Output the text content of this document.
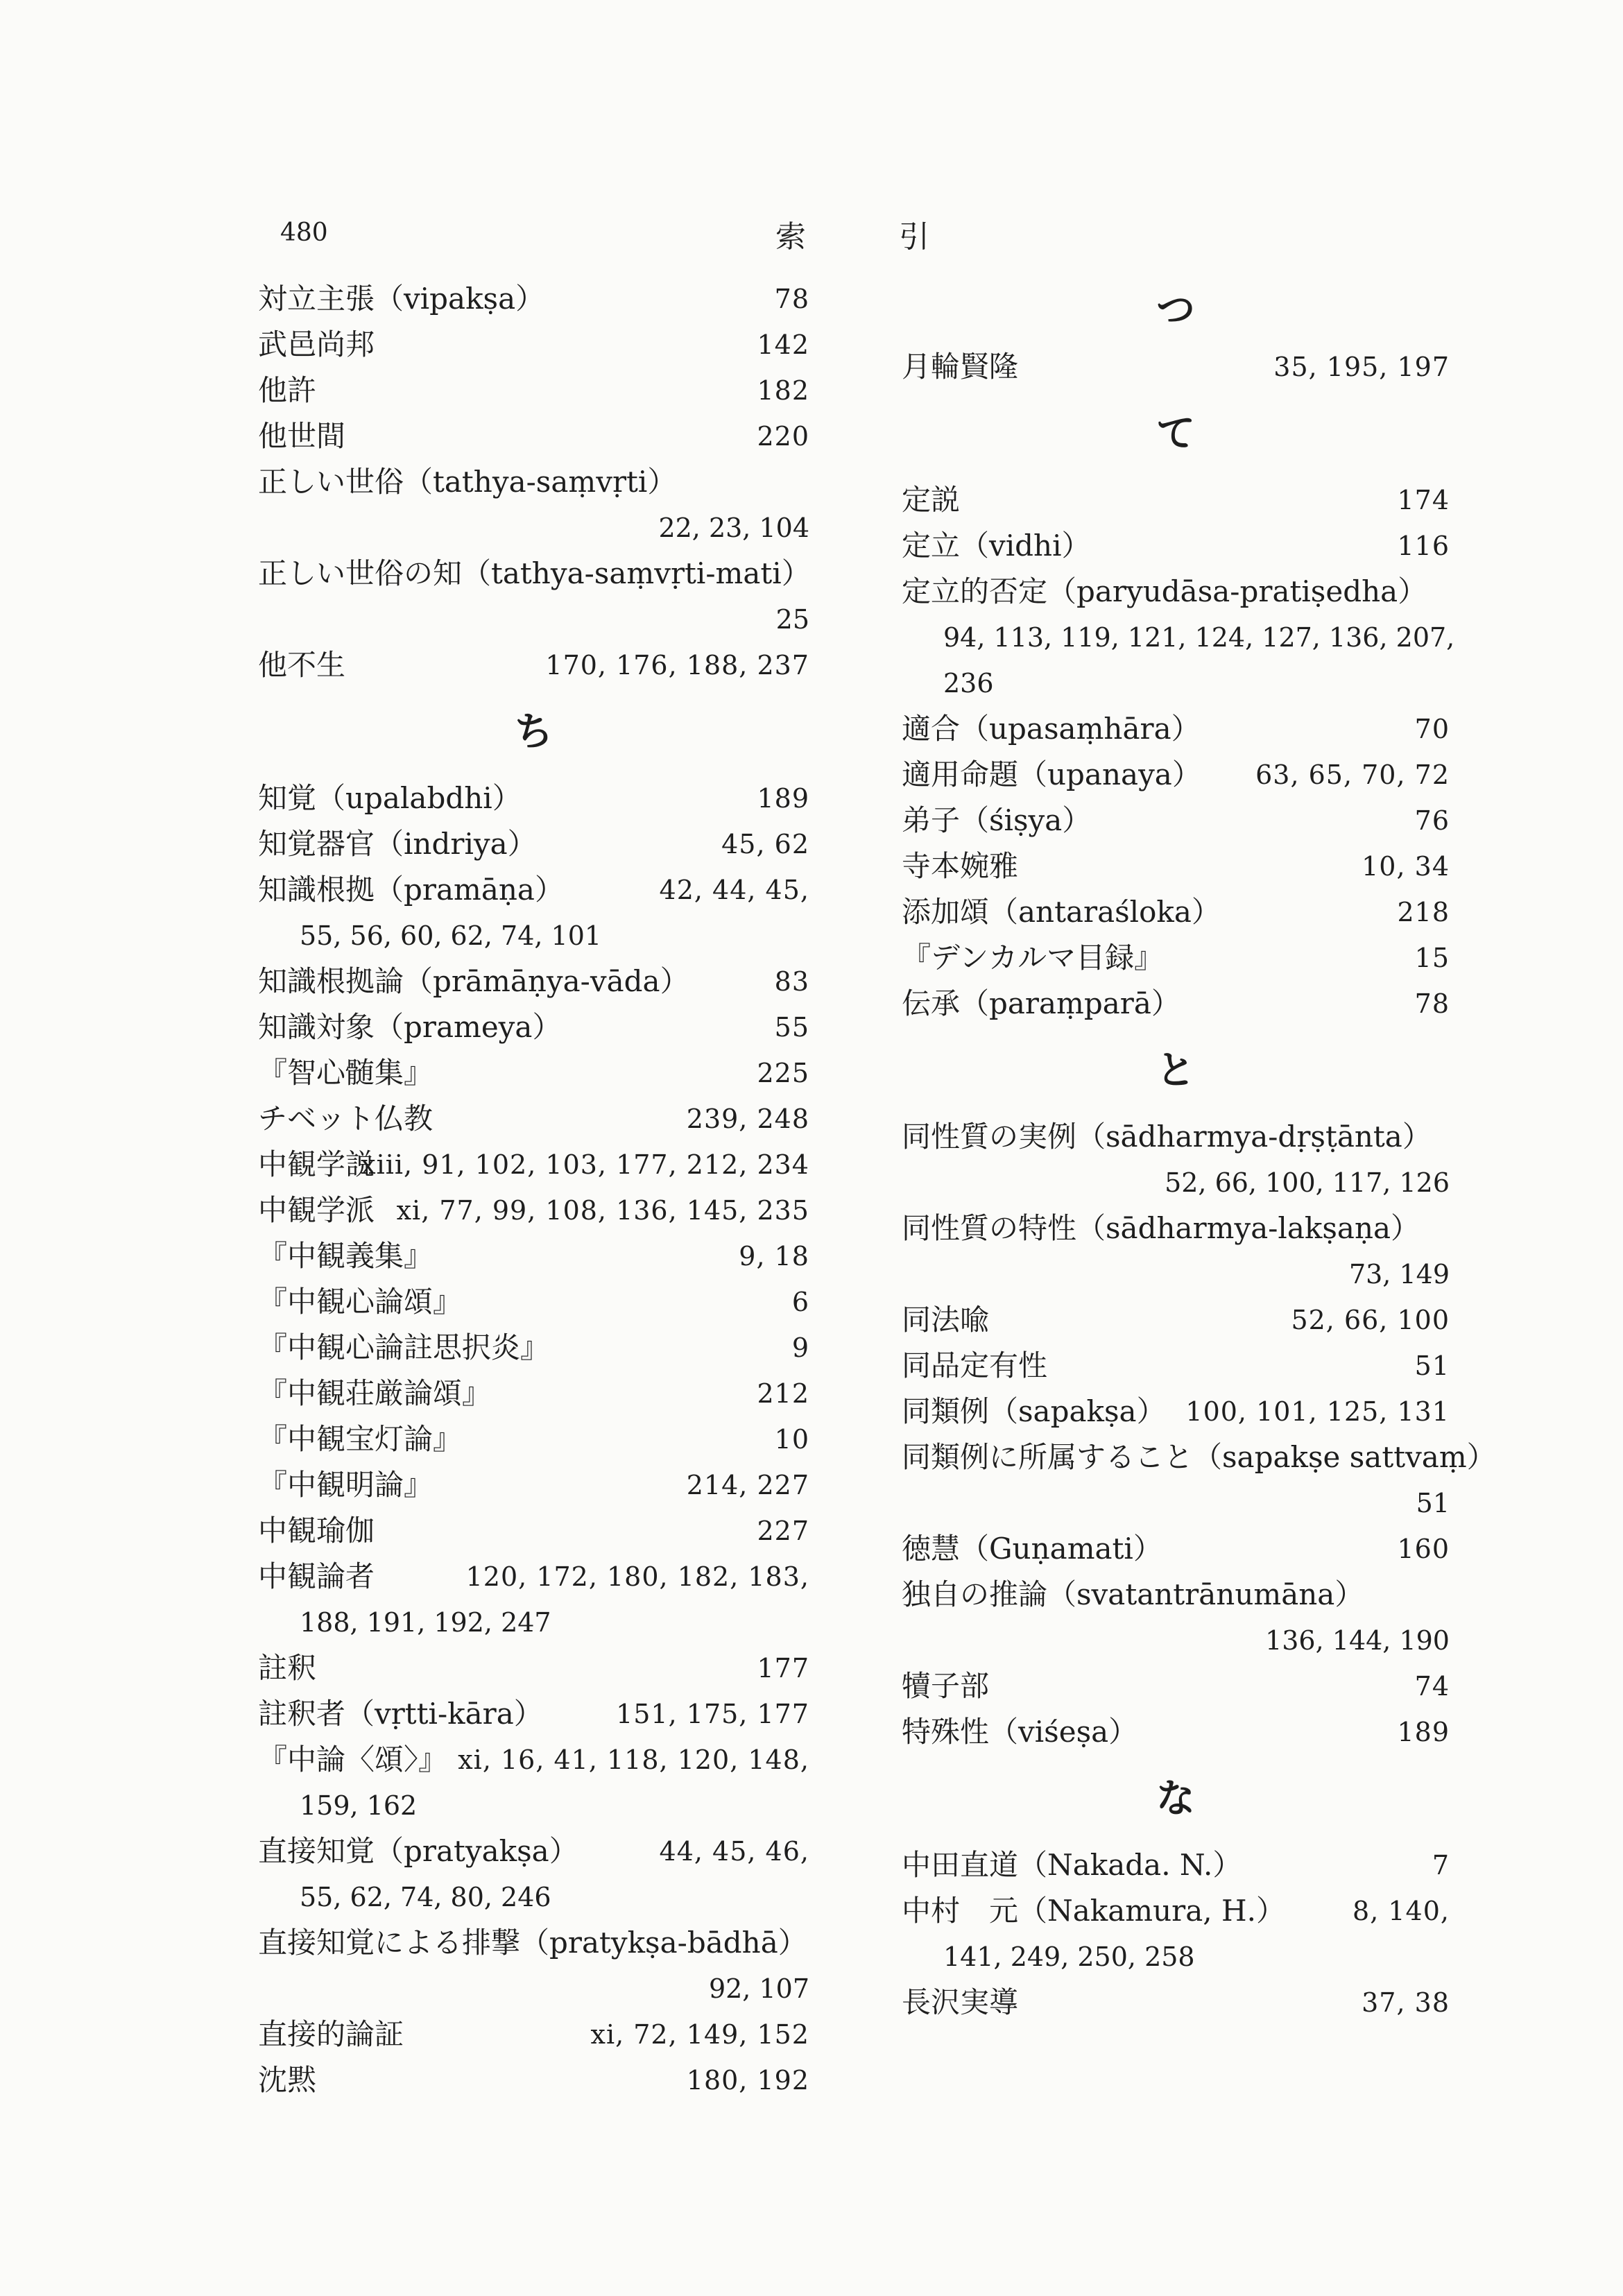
480	索 引
対立主張（vipakṣa）	78
武邑尚邦	142
他許	182
他世間	220
正しい世俗（tathya-saṃvṛti）
22, 23, 104
正しい世俗の知（tathya-saṃvṛti-mati）
25
他不生	170, 176, 188, 237
ち
知覚（upalabdhi）	189
知覚器官（indriya）	45, 62
知識根拠（pramāṇa）	42, 44, 45,
55, 56, 60, 62, 74, 101
知識根拠論（prāmāṇya-vāda）	83
知識対象（prameya）	55
『智心髄集』	225
チベット仏教	239, 248
中観学説
xiii, 91, 102, 103, 177, 212, 234
中観学派 xi, 77, 99, 108, 136, 145, 235
『中観義集』	9, 18
『中観心論頌』	6
『中観心論註思択炎』	9
『中観荘厳論頌』	212
『中観宝灯論』	10
『中観明論』	214, 227
中観瑜伽	227
中観論者	120, 172, 180, 182, 183,
188, 191, 192, 247
註釈	177
註釈者（vṛtti-kāra）	151, 175, 177
『中論〈頌〉』 xi, 16, 41, 118, 120, 148,
159, 162
直接知覚（pratyakṣa）	44, 45, 46,
55, 62, 74, 80, 246
直接知覚による排撃（pratykṣa-bādhā）
92, 107
直接的論証	xi, 72, 149, 152
沈黙	180, 192
つ
月輪賢隆	35, 195, 197
て
定説	174
定立（vidhi）	116
定立的否定（paryudāsa-pratiṣedha）
94, 113, 119, 121, 124, 127, 136, 207,
236
適合（upasaṃhāra）	70
適用命題（upanaya） 63, 65, 70, 72
弟子（śiṣya）	76
寺本婉雅	10, 34
添加頌（antaraśloka）	218
『デンカルマ目録』	15
伝承（paraṃparā）	78
と
同性質の実例（sādharmya-dṛṣṭānta）
52, 66, 100, 117, 126
同性質の特性（sādharmya-lakṣaṇa）
73, 149
同法喩	52, 66, 100
同品定有性	51
同類例（sapakṣa） 100, 101, 125, 131
同類例に所属すること（sapakṣe sattvaṃ）
51
徳慧（Guṇamati）	160
独自の推論（svatantrānumāna）
136, 144, 190
犢子部	74
特殊性（viśeṣa）	189
な
中田直道（Nakada. N.）	7
中村　元（Nakamura, H.）	8, 140,
141, 249, 250, 258
長沢実導	37, 38
